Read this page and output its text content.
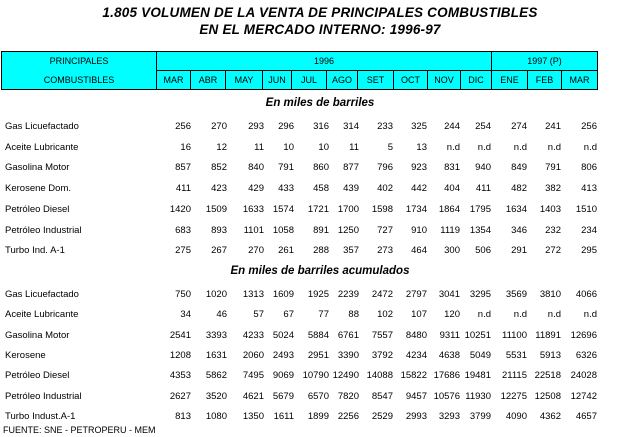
1.805 VOLUMEN DE LA VENTA DE PRINCIPALES COMBUSTIBLES
EN EL MERCADO INTERNO: 1996-97
PRINCIPALES	1996										1997 (P)		
COMBUSTIBLES	MAR	ABR	MAY	JUN	JUL	AGO	SET	OCT	NOV	DIC	ENE	FEB	MAR
En miles de barriles
Gas Licuefactado	256 270 293 296 316 314 233 325 244 254 274 241 256
Aceite Lubricante	16	12	11 10	10 11	5 13 n.d n.d n.d n.d n.d
Gasolina Motor	857 852 840 791 860 877 796 923 831 940 849 791 806
Kerosene Dom.	411 423 429 433 458 439 402 442 404 411 482 382 413
Petróleo Diesel	1420 1509 1633 1574 1721 1700 1598 1734 1864 1795 1634 1403 1510
Petróleo Industrial	683 893 1101 1058 891 1250 727 910 1119 1354 346 232 234
Turbo Ind. A-1	275 267 270 261 288 357 273 464 300 506 291 272 295
En miles de barriles acumulados
Gas Licuefactado	750 1020 1313 1609 1925 2239 2472 2797 3041 3295 3569 3810 4066
Aceite Lubricante	34	46	57 67	77 88 102 107 120 n.d n.d n.d n.d
Gasolina Motor	2541 3393 4233 5024 5884 6761 7557 8480 9311 10251 11100 11891 12696
Kerosene	1208 1631 2060 2493 2951 3390 3792 4234 4638 5049 5531 5913 6326
Petróleo Diesel	4353 5862 7495 9069 10790 12490 14088 15822 17686 19481 21115 22518 24028
Petróleo Industrial	2627 3520 4621 5679 6570 7820 8547 9457 10576 11930 12275 12508 12742
Turbo Indust.A-1	813 1080 1350 1611 1899 2256 2529 2993 3293 3799 4090 4362 4657
FUENTE: SNE - PETROPERU - MEM
